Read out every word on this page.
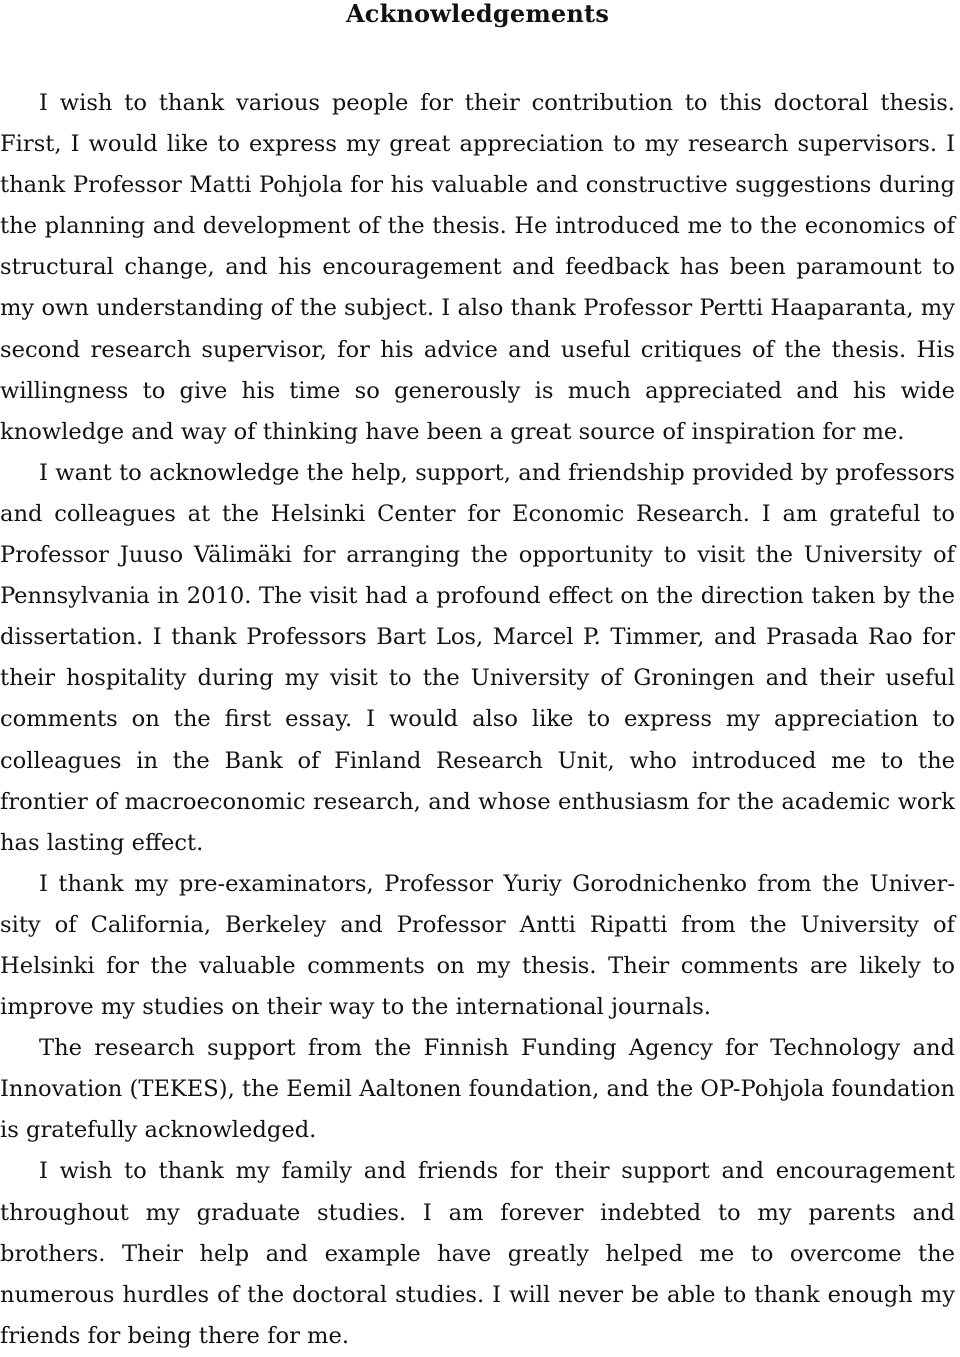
Acknowledgements

I wish to thank various people for their contribution to this doctoral thesis. First, I would like to express my great appreciation to my research supervisors. I thank Professor Matti Pohjola for his valuable and constructive suggestions during the planning and development of the thesis. He introduced me to the economics of structural change, and his encouragement and feedback has been paramount to my own understanding of the subject. I also thank Professor Pertti Haaparanta, my second research supervisor, for his advice and useful critiques of the thesis. His willingness to give his time so generously is much appreciated and his wide knowledge and way of thinking have been a great source of inspiration for me.

I want to acknowledge the help, support, and friendship provided by professors and colleagues at the Helsinki Center for Economic Research. I am grateful to Professor Juuso Välimäki for arranging the opportunity to visit the University of Pennsylvania in 2010. The visit had a profound effect on the direction taken by the dissertation. I thank Professors Bart Los, Marcel P. Timmer, and Prasada Rao for their hospitality during my visit to the University of Groningen and their useful comments on the first essay. I would also like to express my appreciation to colleagues in the Bank of Finland Research Unit, who introduced me to the frontier of macroeconomic research, and whose enthusiasm for the academic work has lasting effect.

I thank my pre-examinators, Professor Yuriy Gorodnichenko from the University of California, Berkeley and Professor Antti Ripatti from the University of Helsinki for the valuable comments on my thesis. Their comments are likely to improve my studies on their way to the international journals.

The research support from the Finnish Funding Agency for Technology and Innovation (TEKES), the Eemil Aaltonen foundation, and the OP-Pohjola foundation is gratefully acknowledged.

I wish to thank my family and friends for their support and encouragement throughout my graduate studies. I am forever indebted to my parents and brothers. Their help and example have greatly helped me to overcome the numerous hurdles of the doctoral studies. I will never be able to thank enough my friends for being there for me.
